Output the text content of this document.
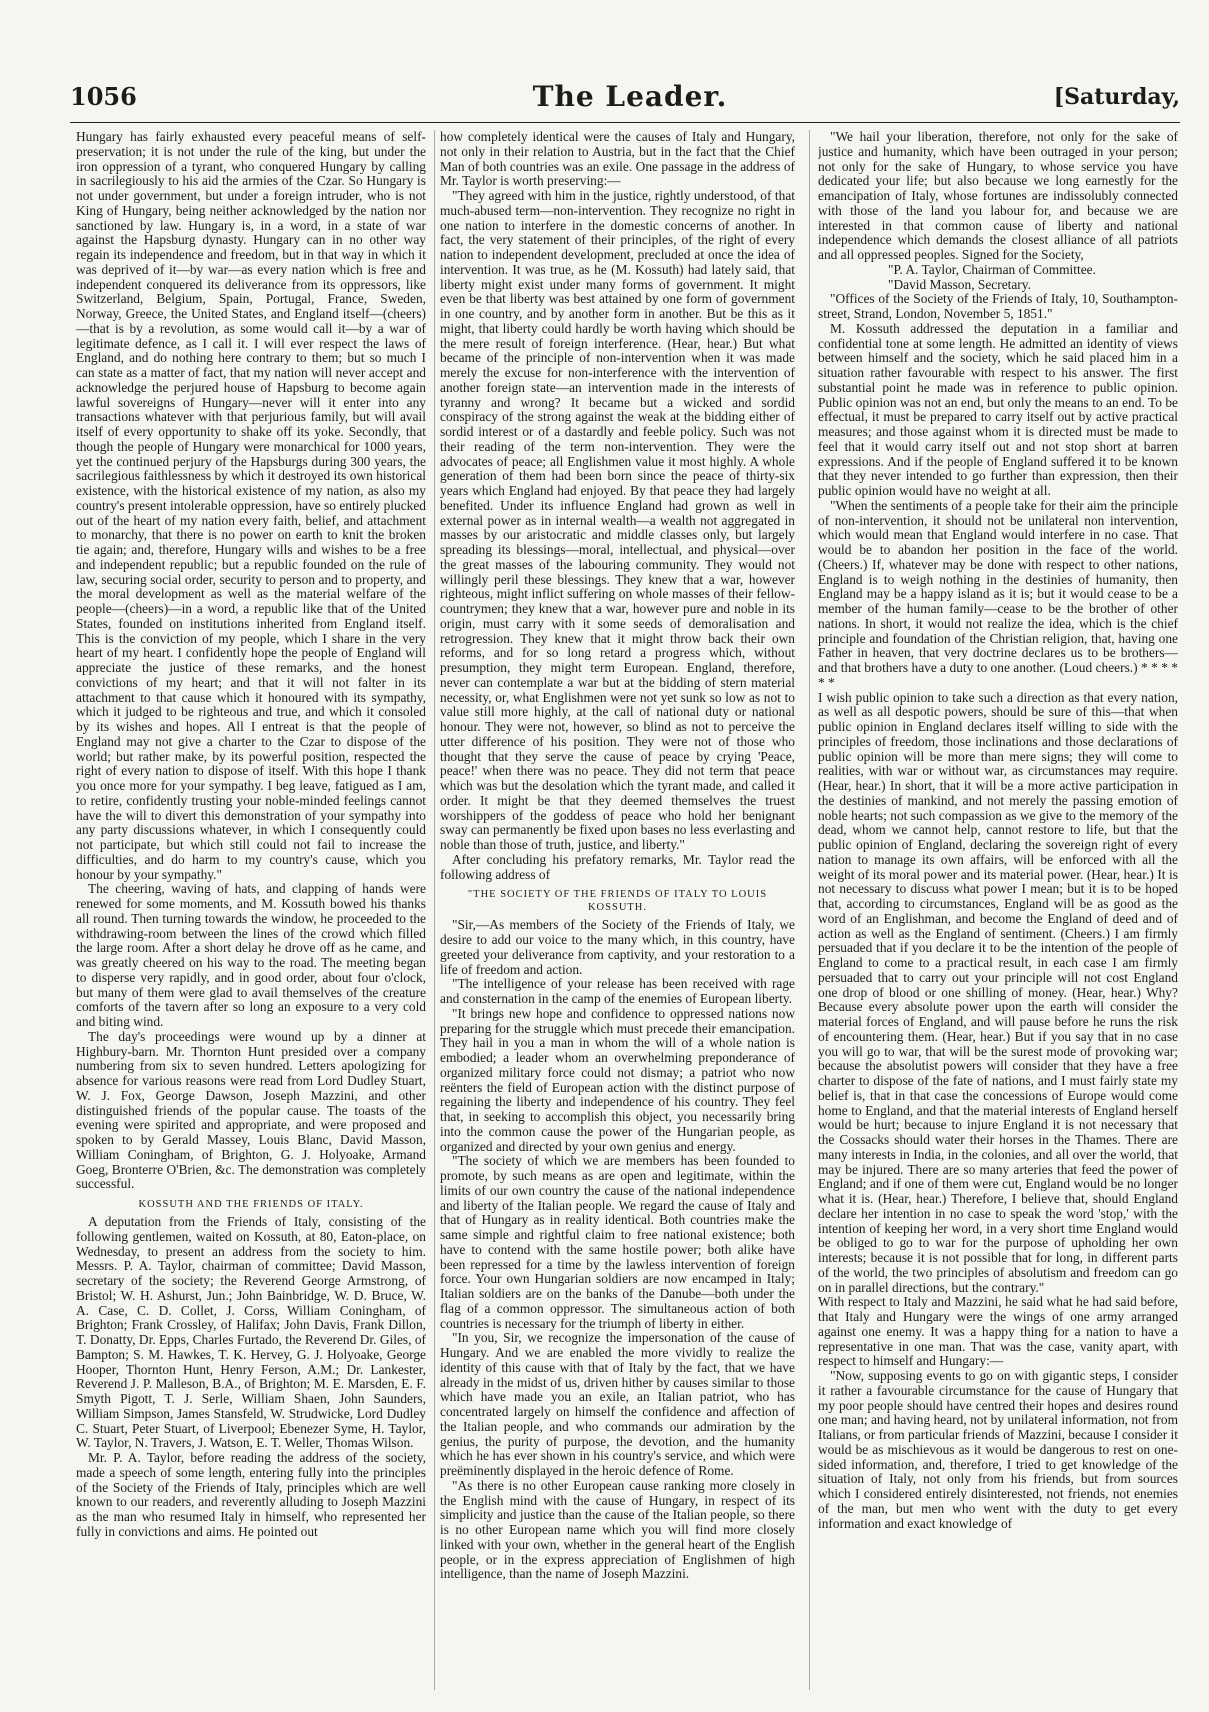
1056	The Leader.	[Saturday,

Hungary has fairly exhausted every peaceful means of self-preservation; it is not under the rule of the king, but under the iron oppression of a tyrant, who conquered Hungary by calling in sacrilegiously to his aid the armies of the Czar. So Hungary is not under government, but under a foreign intruder, who is not King of Hungary, being neither acknowledged by the nation nor sanctioned by law. Hungary is, in a word, in a state of war against the Hapsburg dynasty. Hungary can in no other way regain its independence and freedom, but in that way in which it was deprived of it—by war—as every nation which is free and independent conquered its deliverance from its oppressors, like Switzerland, Belgium, Spain, Portugal, France, Sweden, Norway, Greece, the United States, and England itself—(cheers)—that is by a revolution, as some would call it—by a war of legitimate defence, as I call it. I will ever respect the laws of England, and do nothing here contrary to them; but so much I can state as a matter of fact, that my nation will never accept and acknowledge the perjured house of Hapsburg to become again lawful sovereigns of Hungary—never will it enter into any transactions whatever with that perjurious family, but will avail itself of every opportunity to shake off its yoke. Secondly, that though the people of Hungary were monarchical for 1000 years, yet the continued perjury of the Hapsburgs during 300 years, the sacrilegious faithlessness by which it destroyed its own historical existence, with the historical existence of my nation, as also my country's present intolerable oppression, have so entirely plucked out of the heart of my nation every faith, belief, and attachment to monarchy, that there is no power on earth to knit the broken tie again; and, therefore, Hungary wills and wishes to be a free and independent republic; but a republic founded on the rule of law, securing social order, security to person and to property, and the moral development as well as the material welfare of the people—(cheers)—in a word, a republic like that of the United States, founded on institutions inherited from England itself. This is the conviction of my people, which I share in the very heart of my heart. I confidently hope the people of England will appreciate the justice of these remarks, and the honest convictions of my heart; and that it will not falter in its attachment to that cause which it honoured with its sympathy, which it judged to be righteous and true, and which it consoled by its wishes and hopes. All I entreat is that the people of England may not give a charter to the Czar to dispose of the world; but rather make, by its powerful position, respected the right of every nation to dispose of itself. With this hope I thank you once more for your sympathy. I beg leave, fatigued as I am, to retire, confidently trusting your noble-minded feelings cannot have the will to divert this demonstration of your sympathy into any party discussions whatever, in which I consequently could not participate, but which still could not fail to increase the difficulties, and do harm to my country's cause, which you honour by your sympathy."

The cheering, waving of hats, and clapping of hands were renewed for some moments, and M. Kossuth bowed his thanks all round. Then turning towards the window, he proceeded to the withdrawing-room between the lines of the crowd which filled the large room. After a short delay he drove off as he came, and was greatly cheered on his way to the road. The meeting began to disperse very rapidly, and in good order, about four o'clock, but many of them were glad to avail themselves of the creature comforts of the tavern after so long an exposure to a very cold and biting wind.

The day's proceedings were wound up by a dinner at Highbury-barn. Mr. Thornton Hunt presided over a company numbering from six to seven hundred. Letters apologizing for absence for various reasons were read from Lord Dudley Stuart, W. J. Fox, George Dawson, Joseph Mazzini, and other distinguished friends of the popular cause. The toasts of the evening were spirited and appropriate, and were proposed and spoken to by Gerald Massey, Louis Blanc, David Masson, William Coningham, of Brighton, G. J. Holyoake, Armand Goeg, Bronterre O'Brien, &c. The demonstration was completely successful.

KOSSUTH AND THE FRIENDS OF ITALY.

A deputation from the Friends of Italy, consisting of the following gentlemen, waited on Kossuth, at 80, Eaton-place, on Wednesday, to present an address from the society to him. Messrs. P. A. Taylor, chairman of committee; David Masson, secretary of the society; the Reverend George Armstrong, of Bristol; W. H. Ashurst, Jun.; John Bainbridge, W. D. Bruce, W. A. Case, C. D. Collet, J. Corss, William Coningham, of Brighton; Frank Crossley, of Halifax; John Davis, Frank Dillon, T. Donatty, Dr. Epps, Charles Furtado, the Reverend Dr. Giles, of Bampton; S. M. Hawkes, T. K. Hervey, G. J. Holyoake, George Hooper, Thornton Hunt, Henry Ferson, A.M.; Dr. Lankester, Reverend J. P. Malleson, B.A., of Brighton; M. E. Marsden, E. F. Smyth Pigott, T. J. Serle, William Shaen, John Saunders, William Simpson, James Stansfeld, W. Strudwicke, Lord Dudley C. Stuart, Peter Stuart, of Liverpool; Ebenezer Syme, H. Taylor, W. Taylor, N. Travers, J. Watson, E. T. Weller, Thomas Wilson.

Mr. P. A. Taylor, before reading the address of the society, made a speech of some length, entering fully into the principles of the Society of the Friends of Italy, principles which are well known to our readers, and reverently alluding to Joseph Mazzini as the man who resumed Italy in himself, who represented her fully in convictions and aims. He pointed out

how completely identical were the causes of Italy and Hungary, not only in their relation to Austria, but in the fact that the Chief Man of both countries was an exile. One passage in the address of Mr. Taylor is worth preserving:—

"They agreed with him in the justice, rightly understood, of that much-abused term—non-intervention. They recognize no right in one nation to interfere in the domestic concerns of another. In fact, the very statement of their principles, of the right of every nation to independent development, precluded at once the idea of intervention. It was true, as he (M. Kossuth) had lately said, that liberty might exist under many forms of government. It might even be that liberty was best attained by one form of government in one country, and by another form in another. But be this as it might, that liberty could hardly be worth having which should be the mere result of foreign interference. (Hear, hear.) But what became of the principle of non-intervention when it was made merely the excuse for non-interference with the intervention of another foreign state—an intervention made in the interests of tyranny and wrong? It became but a wicked and sordid conspiracy of the strong against the weak at the bidding either of sordid interest or of a dastardly and feeble policy. Such was not their reading of the term non-intervention. They were the advocates of peace; all Englishmen value it most highly. A whole generation of them had been born since the peace of thirty-six years which England had enjoyed. By that peace they had largely benefited. Under its influence England had grown as well in external power as in internal wealth—a wealth not aggregated in masses by our aristocratic and middle classes only, but largely spreading its blessings—moral, intellectual, and physical—over the great masses of the labouring community. They would not willingly peril these blessings. They knew that a war, however righteous, might inflict suffering on whole masses of their fellow-countrymen; they knew that a war, however pure and noble in its origin, must carry with it some seeds of demoralisation and retrogression. They knew that it might throw back their own reforms, and for so long retard a progress which, without presumption, they might term European. England, therefore, never can contemplate a war but at the bidding of stern material necessity, or, what Englishmen were not yet sunk so low as not to value still more highly, at the call of national duty or national honour. They were not, however, so blind as not to perceive the utter difference of his position. They were not of those who thought that they serve the cause of peace by crying 'Peace, peace!' when there was no peace. They did not term that peace which was but the desolation which the tyrant made, and called it order. It might be that they deemed themselves the truest worshippers of the goddess of peace who hold her benignant sway can permanently be fixed upon bases no less everlasting and noble than those of truth, justice, and liberty."

After concluding his prefatory remarks, Mr. Taylor read the following address of

"THE SOCIETY OF THE FRIENDS OF ITALY TO LOUIS KOSSUTH.

"Sir,—As members of the Society of the Friends of Italy, we desire to add our voice to the many which, in this country, have greeted your deliverance from captivity, and your restoration to a life of freedom and action.

"The intelligence of your release has been received with rage and consternation in the camp of the enemies of European liberty.

"It brings new hope and confidence to oppressed nations now preparing for the struggle which must precede their emancipation. They hail in you a man in whom the will of a whole nation is embodied; a leader whom an overwhelming preponderance of organized military force could not dismay; a patriot who now reënters the field of European action with the distinct purpose of regaining the liberty and independence of his country. They feel that, in seeking to accomplish this object, you necessarily bring into the common cause the power of the Hungarian people, as organized and directed by your own genius and energy.

"The society of which we are members has been founded to promote, by such means as are open and legitimate, within the limits of our own country the cause of the national independence and liberty of the Italian people. We regard the cause of Italy and that of Hungary as in reality identical. Both countries make the same simple and rightful claim to free national existence; both have to contend with the same hostile power; both alike have been repressed for a time by the lawless intervention of foreign force. Your own Hungarian soldiers are now encamped in Italy; Italian soldiers are on the banks of the Danube—both under the flag of a common oppressor. The simultaneous action of both countries is necessary for the triumph of liberty in either.

"In you, Sir, we recognize the impersonation of the cause of Hungary. And we are enabled the more vividly to realize the identity of this cause with that of Italy by the fact, that we have already in the midst of us, driven hither by causes similar to those which have made you an exile, an Italian patriot, who has concentrated largely on himself the confidence and affection of the Italian people, and who commands our admiration by the genius, the purity of purpose, the devotion, and the humanity which he has ever shown in his country's service, and which were preëminently displayed in the heroic defence of Rome.

"As there is no other European cause ranking more closely in the English mind with the cause of Hungary, in respect of its simplicity and justice than the cause of the Italian people, so there is no other European name which you will find more closely linked with your own, whether in the general heart of the English people, or in the express appreciation of Englishmen of high intelligence, than the name of Joseph Mazzini.

"We hail your liberation, therefore, not only for the sake of justice and humanity, which have been outraged in your person; not only for the sake of Hungary, to whose service you have dedicated your life; but also because we long earnestly for the emancipation of Italy, whose fortunes are indissolubly connected with those of the land you labour for, and because we are interested in that common cause of liberty and national independence which demands the closest alliance of all patriots and all oppressed peoples. Signed for the Society,

"P. A. Taylor, Chairman of Committee.

"David Masson, Secretary.

"Offices of the Society of the Friends of Italy, 10, Southampton-street, Strand, London, November 5, 1851."

M. Kossuth addressed the deputation in a familiar and confidential tone at some length. He admitted an identity of views between himself and the society, which he said placed him in a situation rather favourable with respect to his answer. The first substantial point he made was in reference to public opinion. Public opinion was not an end, but only the means to an end. To be effectual, it must be prepared to carry itself out by active practical measures; and those against whom it is directed must be made to feel that it would carry itself out and not stop short at barren expressions. And if the people of England suffered it to be known that they never intended to go further than expression, then their public opinion would have no weight at all.

"When the sentiments of a people take for their aim the principle of non-intervention, it should not be unilateral non intervention, which would mean that England would interfere in no case. That would be to abandon her position in the face of the world. (Cheers.) If, whatever may be done with respect to other nations, England is to weigh nothing in the destinies of humanity, then England may be a happy island as it is; but it would cease to be a member of the human family—cease to be the brother of other nations. In short, it would not realize the idea, which is the chief principle and foundation of the Christian religion, that, having one Father in heaven, that very doctrine declares us to be brothers—and that brothers have a duty to one another. (Loud cheers.) * * * * * *

I wish public opinion to take such a direction as that every nation, as well as all despotic powers, should be sure of this—that when public opinion in England declares itself willing to side with the principles of freedom, those inclinations and those declarations of public opinion will be more than mere signs; they will come to realities, with war or without war, as circumstances may require. (Hear, hear.) In short, that it will be a more active participation in the destinies of mankind, and not merely the passing emotion of noble hearts; not such compassion as we give to the memory of the dead, whom we cannot help, cannot restore to life, but that the public opinion of England, declaring the sovereign right of every nation to manage its own affairs, will be enforced with all the weight of its moral power and its material power. (Hear, hear.) It is not necessary to discuss what power I mean; but it is to be hoped that, according to circumstances, England will be as good as the word of an Englishman, and become the England of deed and of action as well as the England of sentiment. (Cheers.) I am firmly persuaded that if you declare it to be the intention of the people of England to come to a practical result, in each case I am firmly persuaded that to carry out your principle will not cost England one drop of blood or one shilling of money. (Hear, hear.) Why? Because every absolute power upon the earth will consider the material forces of England, and will pause before he runs the risk of encountering them. (Hear, hear.) But if you say that in no case you will go to war, that will be the surest mode of provoking war; because the absolutist powers will consider that they have a free charter to dispose of the fate of nations, and I must fairly state my belief is, that in that case the concessions of Europe would come home to England, and that the material interests of England herself would be hurt; because to injure England it is not necessary that the Cossacks should water their horses in the Thames. There are many interests in India, in the colonies, and all over the world, that may be injured. There are so many arteries that feed the power of England; and if one of them were cut, England would be no longer what it is. (Hear, hear.) Therefore, I believe that, should England declare her intention in no case to speak the word 'stop,' with the intention of keeping her word, in a very short time England would be obliged to go to war for the purpose of upholding her own interests; because it is not possible that for long, in different parts of the world, the two principles of absolutism and freedom can go on in parallel directions, but the contrary."

With respect to Italy and Mazzini, he said what he had said before, that Italy and Hungary were the wings of one army arranged against one enemy. It was a happy thing for a nation to have a representative in one man. That was the case, vanity apart, with respect to himself and Hungary:—

"Now, supposing events to go on with gigantic steps, I consider it rather a favourable circumstance for the cause of Hungary that my poor people should have centred their hopes and desires round one man; and having heard, not by unilateral information, not from Italians, or from particular friends of Mazzini, because I consider it would be as mischievous as it would be dangerous to rest on one-sided information, and, therefore, I tried to get knowledge of the situation of Italy, not only from his friends, but from sources which I considered entirely disinterested, not friends, not enemies of the man, but men who went with the duty to get every information and exact knowledge of
